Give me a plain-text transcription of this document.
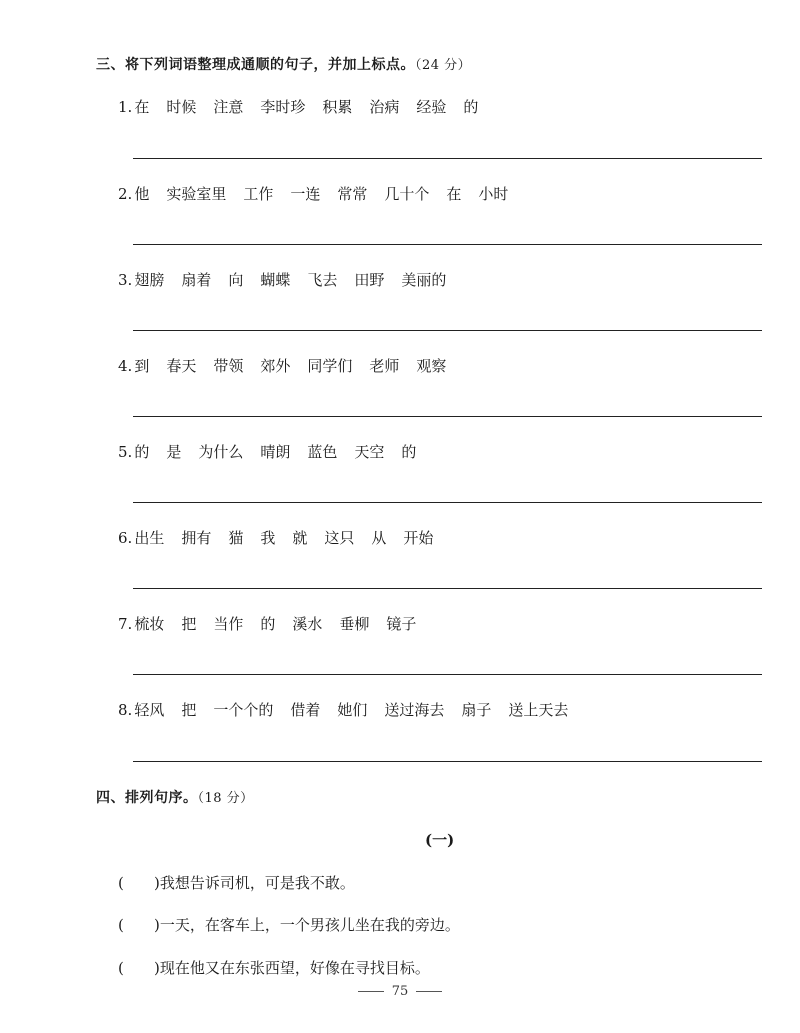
三、将下列词语整理成通顺的句子，并加上标点。（24 分）
1. 在 时候 注意 李时珍 积累 治病 经验 的
2. 他 实验室里 工作 一连 常常 几十个 在 小时
3. 翅膀 扇着 向 蝴蝶 飞去 田野 美丽的
4. 到 春天 带领 郊外 同学们 老师 观察
5. 的 是 为什么 晴朗 蓝色 天空 的
6. 出生 拥有 猫 我 就 这只 从 开始
7. 梳妆 把 当作 的 溪水 垂柳 镜子
8. 轻风 把 一个个的 借着 她们 送过海去 扇子 送上天去
四、排列句序。（18 分）
(一)
( )我想告诉司机，可是我不敢。
( )一天，在客车上，一个男孩儿坐在我的旁边。
( )现在他又在东张西望，好像在寻找目标。
75
